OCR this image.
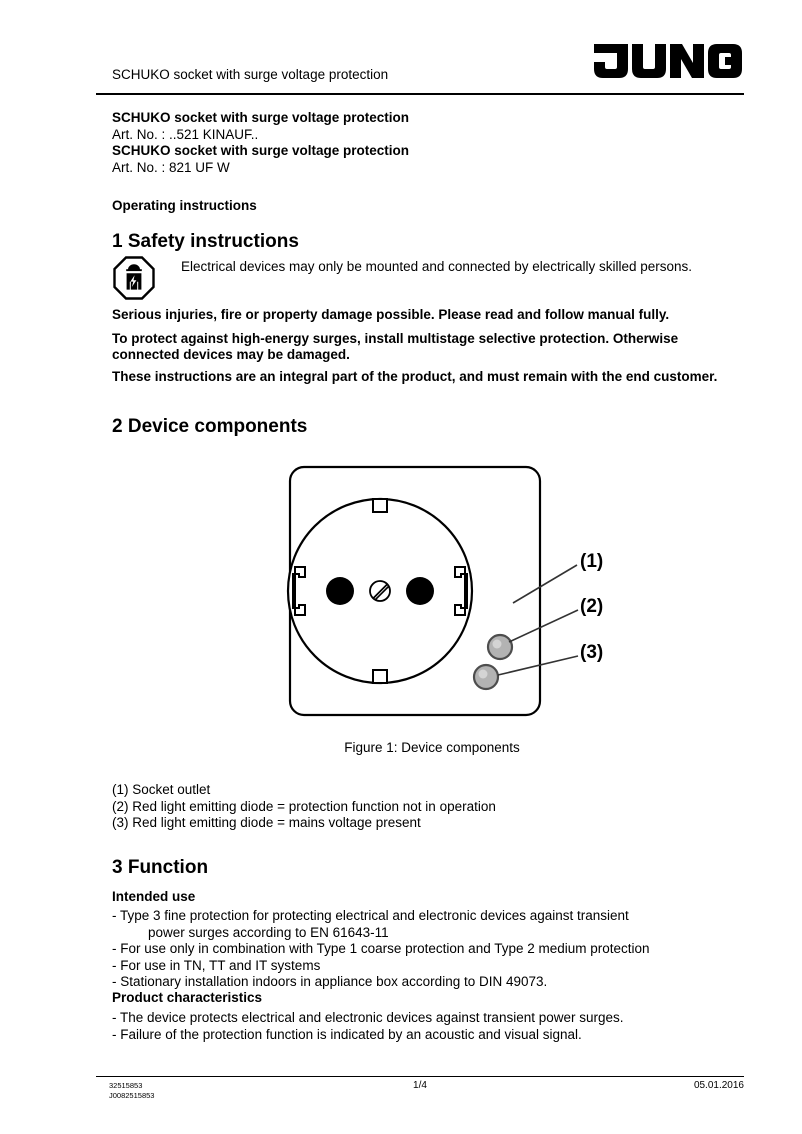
SCHUKO socket with surge voltage protection
SCHUKO socket with surge voltage protection
Art. No. : ..521 KINAUF..
SCHUKO socket with surge voltage protection
Art. No. : 821 UF W
Operating instructions
1 Safety instructions
Electrical devices may only be mounted and connected by electrically skilled persons.
Serious injuries, fire or property damage possible. Please read and follow manual fully.
To protect against high-energy surges, install multistage selective protection. Otherwise connected devices may be damaged.
These instructions are an integral part of the product, and must remain with the end customer.
2 Device components
(1)
(2)
(3)
Figure 1: Device components
(1) Socket outlet
(2) Red light emitting diode = protection function not in operation
(3) Red light emitting diode = mains voltage present
3 Function
Intended use
- Type 3 fine protection for protecting electrical and electronic devices against transient
power surges according to EN 61643-11
- For use only in combination with Type 1 coarse protection and Type 2 medium protection
- For use in TN, TT and IT systems
- Stationary installation indoors in appliance box according to DIN 49073.
Product characteristics
- The device protects electrical and electronic devices against transient power surges.
- Failure of the protection function is indicated by an acoustic and visual signal.
32515853
J0082515853
1/4	05.01.2016
